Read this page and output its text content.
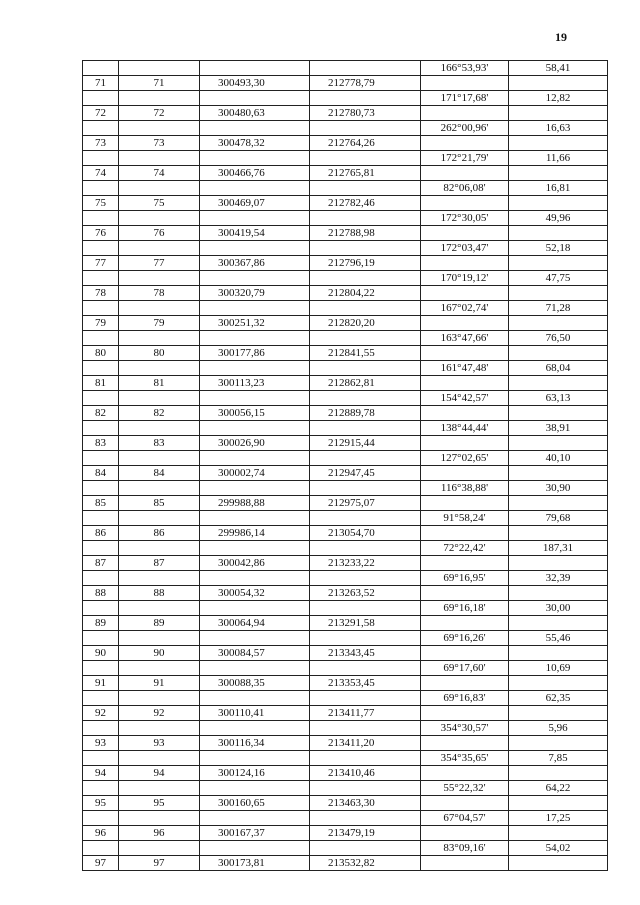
19
				166°53,93'	58,41
71	71	300493,30	212778,79		
				171°17,68'	12,82
72	72	300480,63	212780,73		
				262°00,96'	16,63
73	73	300478,32	212764,26		
				172°21,79'	11,66
74	74	300466,76	212765,81		
				82°06,08'	16,81
75	75	300469,07	212782,46		
				172°30,05'	49,96
76	76	300419,54	212788,98		
				172°03,47'	52,18
77	77	300367,86	212796,19		
				170°19,12'	47,75
78	78	300320,79	212804,22		
				167°02,74'	71,28
79	79	300251,32	212820,20		
				163°47,66'	76,50
80	80	300177,86	212841,55		
				161°47,48'	68,04
81	81	300113,23	212862,81		
				154°42,57'	63,13
82	82	300056,15	212889,78		
				138°44,44'	38,91
83	83	300026,90	212915,44		
				127°02,65'	40,10
84	84	300002,74	212947,45		
				116°38,88'	30,90
85	85	299988,88	212975,07		
				91°58,24'	79,68
86	86	299986,14	213054,70		
				72°22,42'	187,31
87	87	300042,86	213233,22		
				69°16,95'	32,39
88	88	300054,32	213263,52		
				69°16,18'	30,00
89	89	300064,94	213291,58		
				69°16,26'	55,46
90	90	300084,57	213343,45		
				69°17,60'	10,69
91	91	300088,35	213353,45		
				69°16,83'	62,35
92	92	300110,41	213411,77		
				354°30,57'	5,96
93	93	300116,34	213411,20		
				354°35,65'	7,85
94	94	300124,16	213410,46		
				55°22,32'	64,22
95	95	300160,65	213463,30		
				67°04,57'	17,25
96	96	300167,37	213479,19		
				83°09,16'	54,02
97	97	300173,81	213532,82		
